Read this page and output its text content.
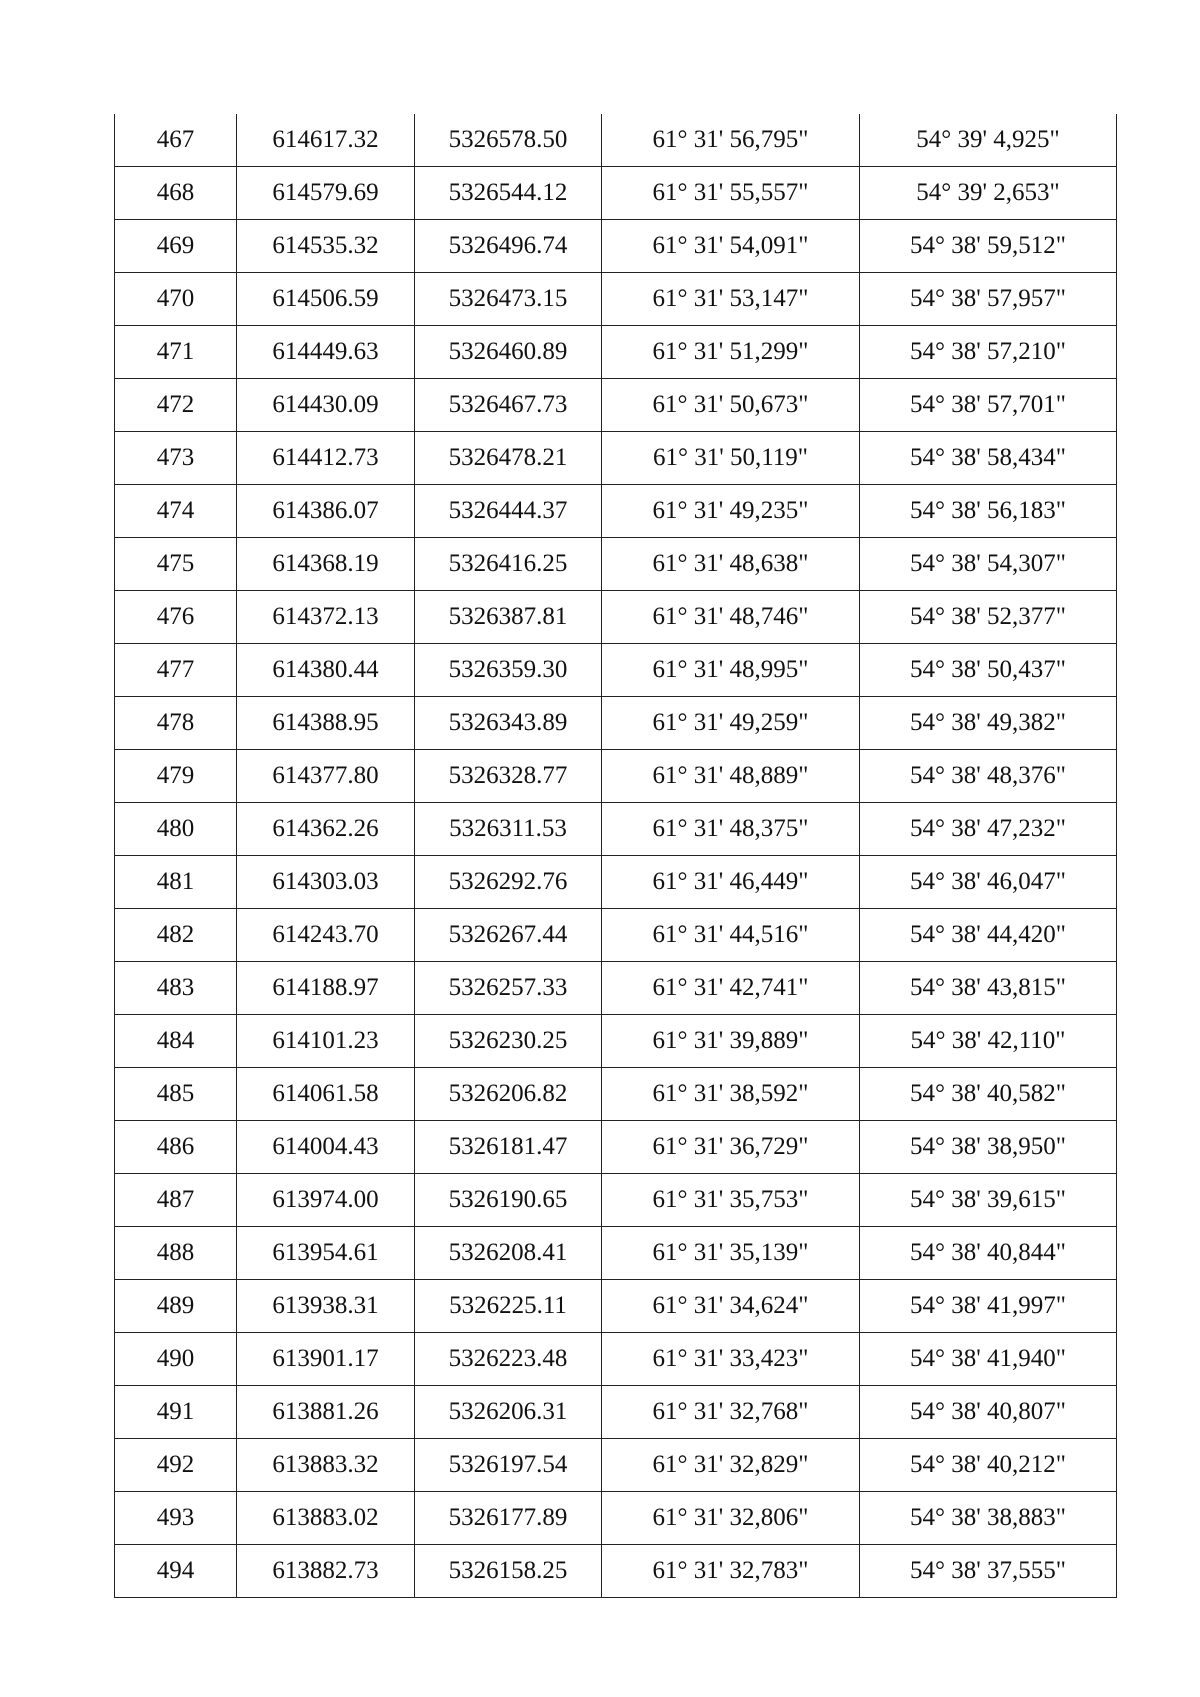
467	614617.32	5326578.50	61° 31' 56,795"	54° 39' 4,925"
468	614579.69	5326544.12	61° 31' 55,557"	54° 39' 2,653"
469	614535.32	5326496.74	61° 31' 54,091"	54° 38' 59,512"
470	614506.59	5326473.15	61° 31' 53,147"	54° 38' 57,957"
471	614449.63	5326460.89	61° 31' 51,299"	54° 38' 57,210"
472	614430.09	5326467.73	61° 31' 50,673"	54° 38' 57,701"
473	614412.73	5326478.21	61° 31' 50,119"	54° 38' 58,434"
474	614386.07	5326444.37	61° 31' 49,235"	54° 38' 56,183"
475	614368.19	5326416.25	61° 31' 48,638"	54° 38' 54,307"
476	614372.13	5326387.81	61° 31' 48,746"	54° 38' 52,377"
477	614380.44	5326359.30	61° 31' 48,995"	54° 38' 50,437"
478	614388.95	5326343.89	61° 31' 49,259"	54° 38' 49,382"
479	614377.80	5326328.77	61° 31' 48,889"	54° 38' 48,376"
480	614362.26	5326311.53	61° 31' 48,375"	54° 38' 47,232"
481	614303.03	5326292.76	61° 31' 46,449"	54° 38' 46,047"
482	614243.70	5326267.44	61° 31' 44,516"	54° 38' 44,420"
483	614188.97	5326257.33	61° 31' 42,741"	54° 38' 43,815"
484	614101.23	5326230.25	61° 31' 39,889"	54° 38' 42,110"
485	614061.58	5326206.82	61° 31' 38,592"	54° 38' 40,582"
486	614004.43	5326181.47	61° 31' 36,729"	54° 38' 38,950"
487	613974.00	5326190.65	61° 31' 35,753"	54° 38' 39,615"
488	613954.61	5326208.41	61° 31' 35,139"	54° 38' 40,844"
489	613938.31	5326225.11	61° 31' 34,624"	54° 38' 41,997"
490	613901.17	5326223.48	61° 31' 33,423"	54° 38' 41,940"
491	613881.26	5326206.31	61° 31' 32,768"	54° 38' 40,807"
492	613883.32	5326197.54	61° 31' 32,829"	54° 38' 40,212"
493	613883.02	5326177.89	61° 31' 32,806"	54° 38' 38,883"
494	613882.73	5326158.25	61° 31' 32,783"	54° 38' 37,555"
